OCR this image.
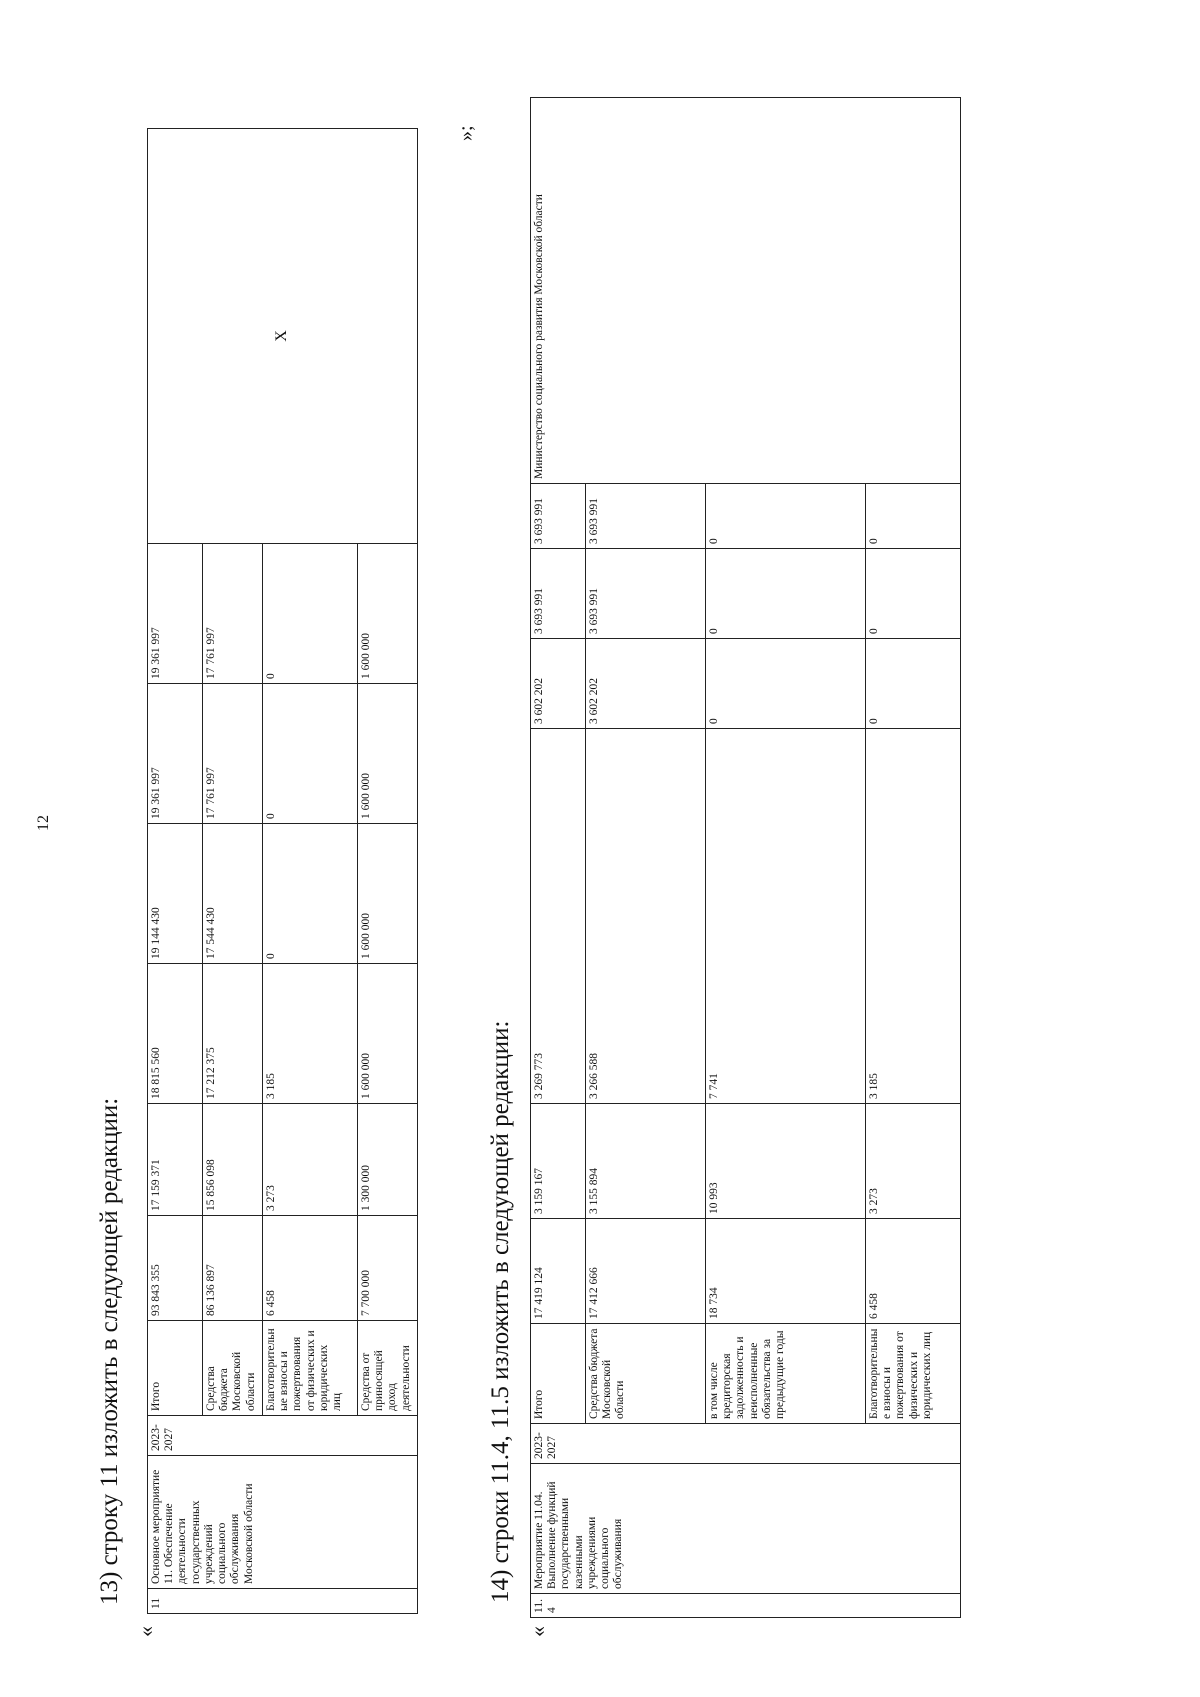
12
«
13) строку 11 изложить в следующей редакции: 11	Основное мероприятие 11. Обеспечение деятельности государственных учреждений социального обслуживания Московской области	2023-2027	Итого	93 843 355	17 159 371	18 815 560	19 144 430	19 361 997	19 361 997	X
			Средства бюджета Московской области	86 136 897	15 856 098	17 212 375	17 544 430	17 761 997	17 761 997	
			Благотворительные взносы и пожертвования от физических и юридических лиц	6 458	3 273	3 185	0	0	0	
			Средства от приносящей доход деятельности	7 700 000	1 300 000	1 600 000	1 600 000	1 600 000	1 600 000	
»;
«
14) строки 11.4, 11.5 изложить в следующей редакции:
11.4	Мероприятие 11.04. Выполнение функций государственными казенными учреждениями социального обслуживания	2023-2027	Итого	17 419 124	3 159 167	3 269 773	3 602 202	3 693 991	3 693 991	Министерство социального развития Московской области
			Средства бюджета Московской области	17 412 666	3 155 894	3 266 588	3 602 202	3 693 991	3 693 991	
			в том числе кредиторская задолженность и неисполненные обязательства за предыдущие годы	18 734	10 993	7 741	0	0	0	
			Благотворительные взносы и пожертвования от физических и юридических лиц	6 458	3 273	3 185	0	0	0	
